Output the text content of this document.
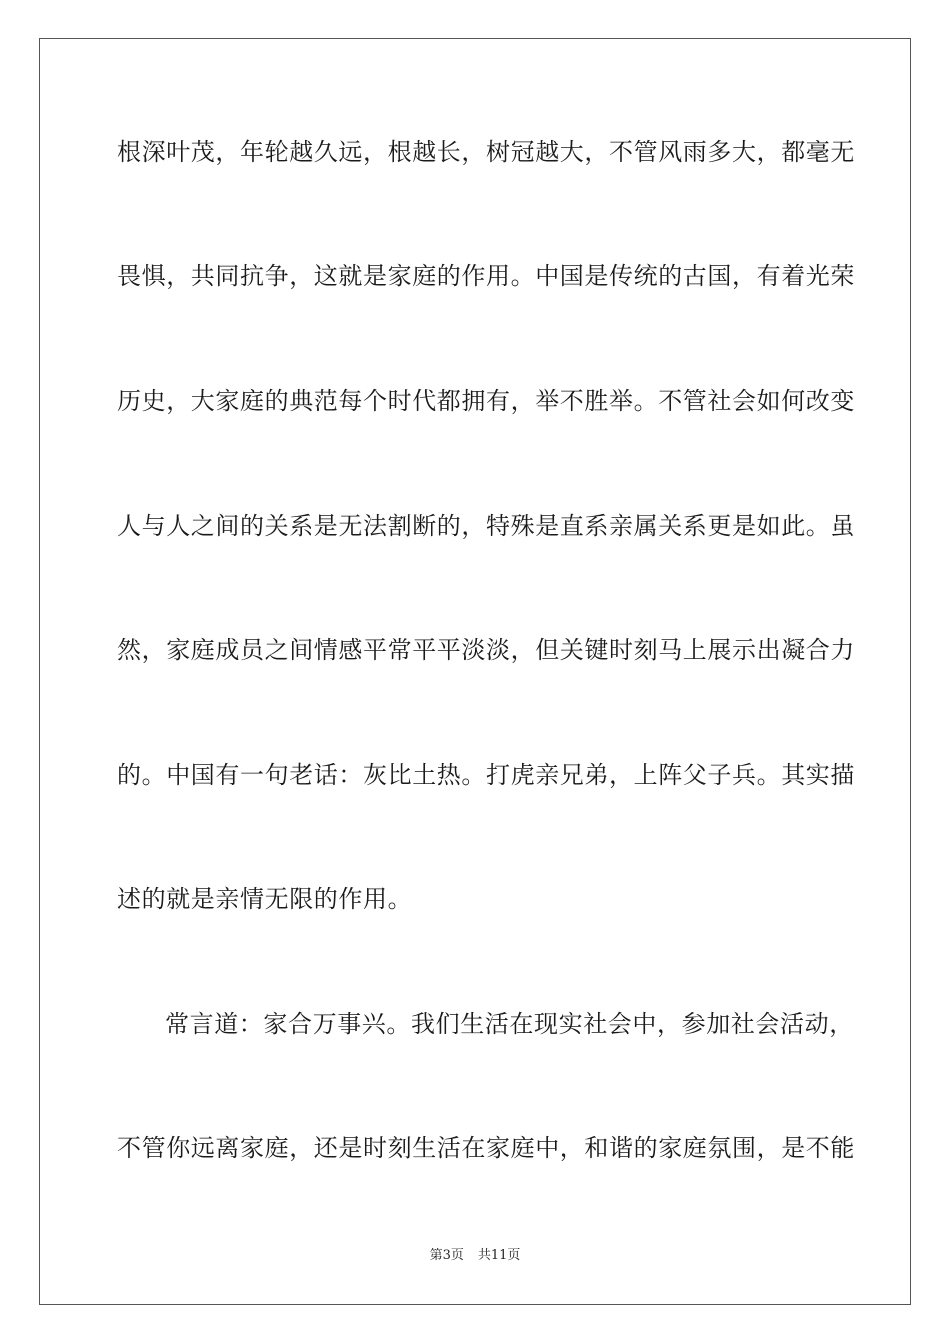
根深叶茂，年轮越久远，根越长，树冠越大，不管风雨多大，都毫无
畏惧，共同抗争，这就是家庭的作用。中国是传统的古国，有着光荣
历史，大家庭的典范每个时代都拥有，举不胜举。不管社会如何改变
人与人之间的关系是无法割断的，特殊是直系亲属关系更是如此。虽
然，家庭成员之间情感平常平平淡淡，但关键时刻马上展示出凝合力
的。中国有一句老话：灰比土热。打虎亲兄弟，上阵父子兵。其实描
述的就是亲情无限的作用。
常言道：家合万事兴。我们生活在现实社会中，参加社会活动，
不管你远离家庭，还是时刻生活在家庭中，和谐的家庭氛围，是不能
第3页 共11页
